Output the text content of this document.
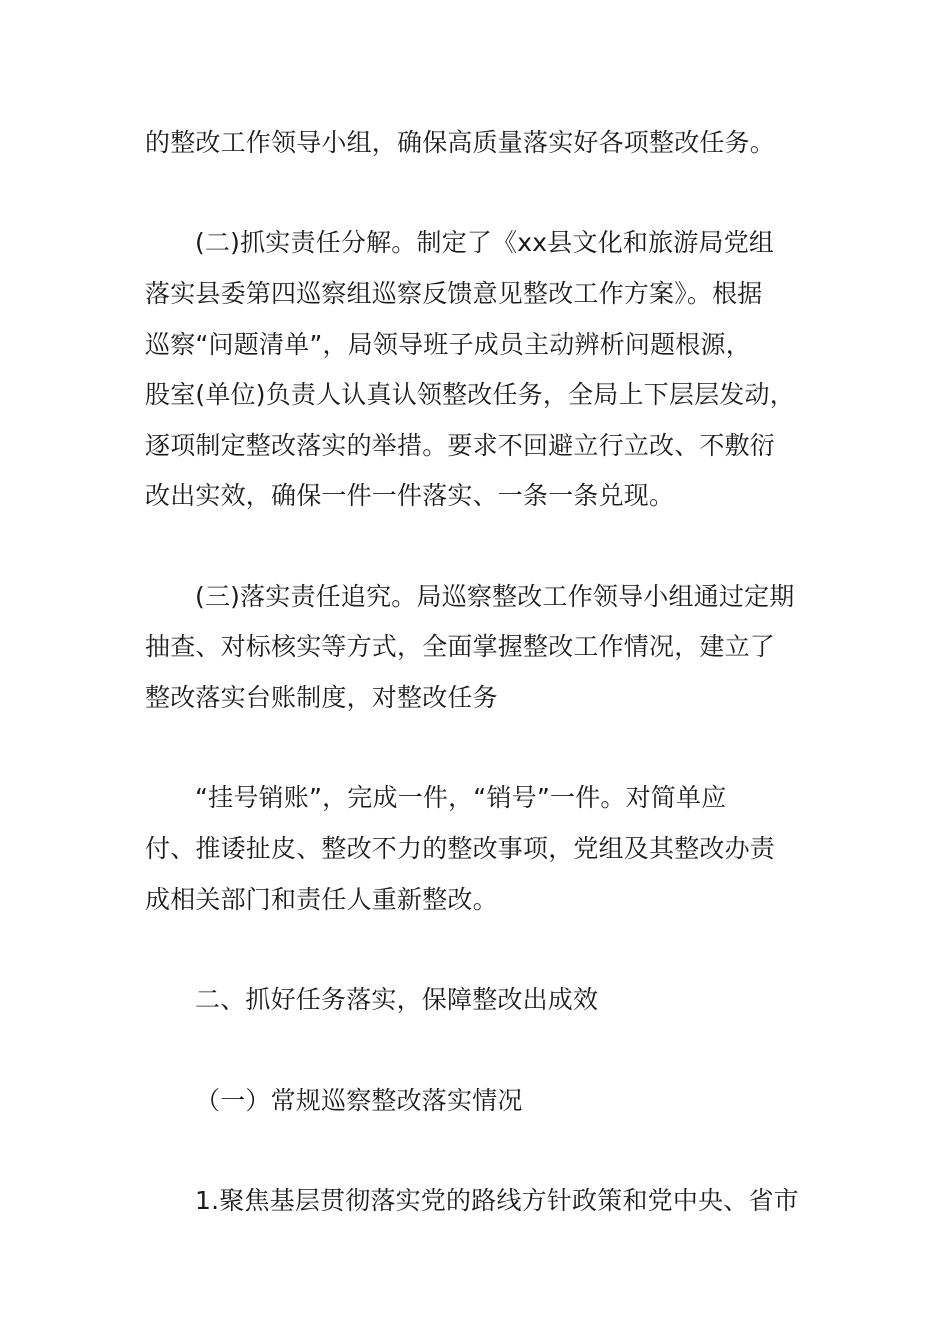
的整改工作领导小组，确保高质量落实好各项整改任务。
(二)抓实责任分解。制定了《xx县文化和旅游局党组
落实县委第四巡察组巡察反馈意见整改工作方案》。根据
巡察“问题清单”，局领导班子成员主动辨析问题根源，
股室(单位)负责人认真认领整改任务，全局上下层层发动，
逐项制定整改落实的举措。要求不回避立行立改、不敷衍
改出实效，确保一件一件落实、一条一条兑现。
(三)落实责任追究。局巡察整改工作领导小组通过定期
抽查、对标核实等方式，全面掌握整改工作情况，建立了
整改落实台账制度，对整改任务
“挂号销账”，完成一件，“销号”一件。对简单应
付、推诿扯皮、整改不力的整改事项，党组及其整改办责
成相关部门和责任人重新整改。
二、抓好任务落实，保障整改出成效
（一）常规巡察整改落实情况
1.聚焦基层贯彻落实党的路线方针政策和党中央、省市
